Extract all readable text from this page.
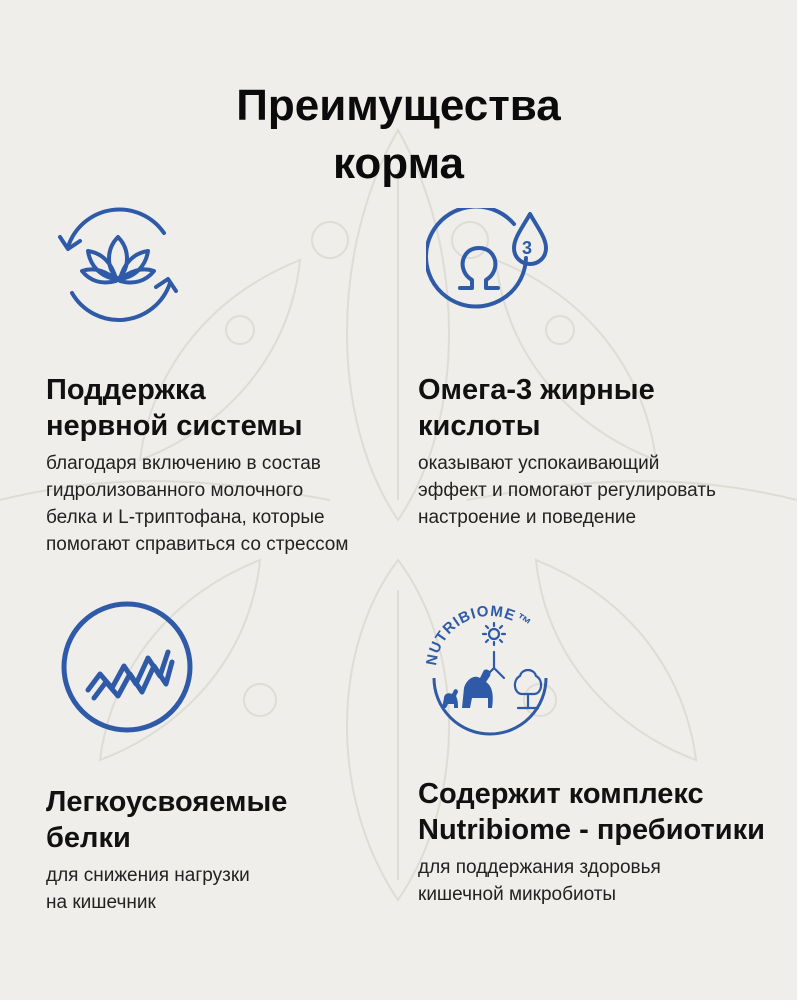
Преимущества
корма
3
NUTRIBIOME™
Поддержка
нервной системы

благодаря включению в состав
гидролизованного молочного
белка и L-триптофана, которые
помогают справиться со стрессом

Омега-3 жирные
кислоты

оказывают успокаивающий
эффект и помогают регулировать
настроение и поведение

Легкоусвояемые
белки

для снижения нагрузки
на кишечник

Содержит комплекс
Nutribiome - пребиотики

для поддержания здоровья
кишечной микробиоты
